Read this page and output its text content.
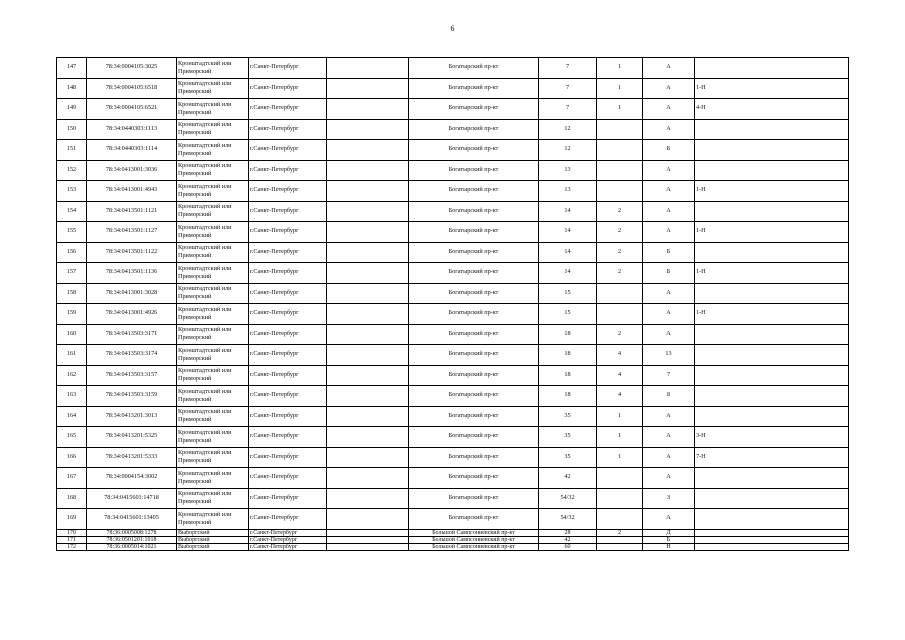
6
147	78:34:0004105:3025	Кронштадтский или Приморский	г.Санкт-Петербург		Богатырский пр-кт	7	1	А	
148	78:34:0004105:6518	Кронштадтский или Приморский	г.Санкт-Петербург		Богатырский пр-кт	7	1	А	1-Н
149	78:34:0004105:6521	Кронштадтский или Приморский	г.Санкт-Петербург		Богатырский пр-кт	7	1	А	4-Н
150	78:34:0440303:1113	Кронштадтский или Приморский	г.Санкт-Петербург		Богатырский пр-кт	12		А	
151	78:34:0440303:1114	Кронштадтский или Приморский	г.Санкт-Петербург		Богатырский пр-кт	12		Б	
152	78:34:0413001:3036	Кронштадтский или Приморский	г.Санкт-Петербург		Богатырский пр-кт	13		А	
153	78:34:0413001:4943	Кронштадтский или Приморский	г.Санкт-Петербург		Богатырский пр-кт	13		А	1-Н
154	78:34:0413501:1121	Кронштадтский или Приморский	г.Санкт-Петербург		Богатырский пр-кт	14	2	А	
155	78:34:0413501:1127	Кронштадтский или Приморский	г.Санкт-Петербург		Богатырский пр-кт	14	2	А	1-Н
156	78:34:0413501:1122	Кронштадтский или Приморский	г.Санкт-Петербург		Богатырский пр-кт	14	2	Б	
157	78:34:0413501:1136	Кронштадтский или Приморский	г.Санкт-Петербург		Богатырский пр-кт	14	2	Б	1-Н
158	78:34:0413001:3028	Кронштадтский или Приморский	г.Санкт-Петербург		Богатырский пр-кт	15		А	
159	78:34:0413001:4926	Кронштадтский или Приморский	г.Санкт-Петербург		Богатырский пр-кт	15		А	1-Н
160	78:34:0413503:3171	Кронштадтский или Приморский	г.Санкт-Петербург		Богатырский пр-кт	18	2	А	
161	78:34:0413503:3174	Кронштадтский или Приморский	г.Санкт-Петербург		Богатырский пр-кт	18	4	13	
162	78:34:0413503:3157	Кронштадтский или Приморский	г.Санкт-Петербург		Богатырский пр-кт	18	4	7	
163	78:34:0413503:3159	Кронштадтский или Приморский	г.Санкт-Петербург		Богатырский пр-кт	18	4	8	
164	78:34:0413201:3013	Кронштадтский или Приморский	г.Санкт-Петербург		Богатырский пр-кт	35	1	А	
165	78:34:0413201:5325	Кронштадтский или Приморский	г.Санкт-Петербург		Богатырский пр-кт	35	1	А	3-Н
166	78:34:0413201:5333	Кронштадтский или Приморский	г.Санкт-Петербург		Богатырский пр-кт	35	1	А	7-Н
167	78:34:0004154:3002	Кронштадтский или Приморский	г.Санкт-Петербург		Богатырский пр-кт	42		А	
168	78:34:0415601:14718	Кронштадтский или Приморский	г.Санкт-Петербург		Богатырский пр-кт	54/32		З	
169	78:34:0415601:13405	Кронштадтский или Приморский	г.Санкт-Петербург		Богатырский пр-кт	54/32		А	
170	78:36:0005008:1278	Выборгский	г.Санкт-Петербург		Большой Сампсониевский пр-кт	28	2	Д	
171	78:36:0501201:1018	Выборгский	г.Санкт-Петербург		Большой Сампсониевский пр-кт	42		Б	
172	78:36:0005014:1021	Выборгский	г.Санкт-Петербург		Большой Сампсониевский пр-кт	60		Н	
